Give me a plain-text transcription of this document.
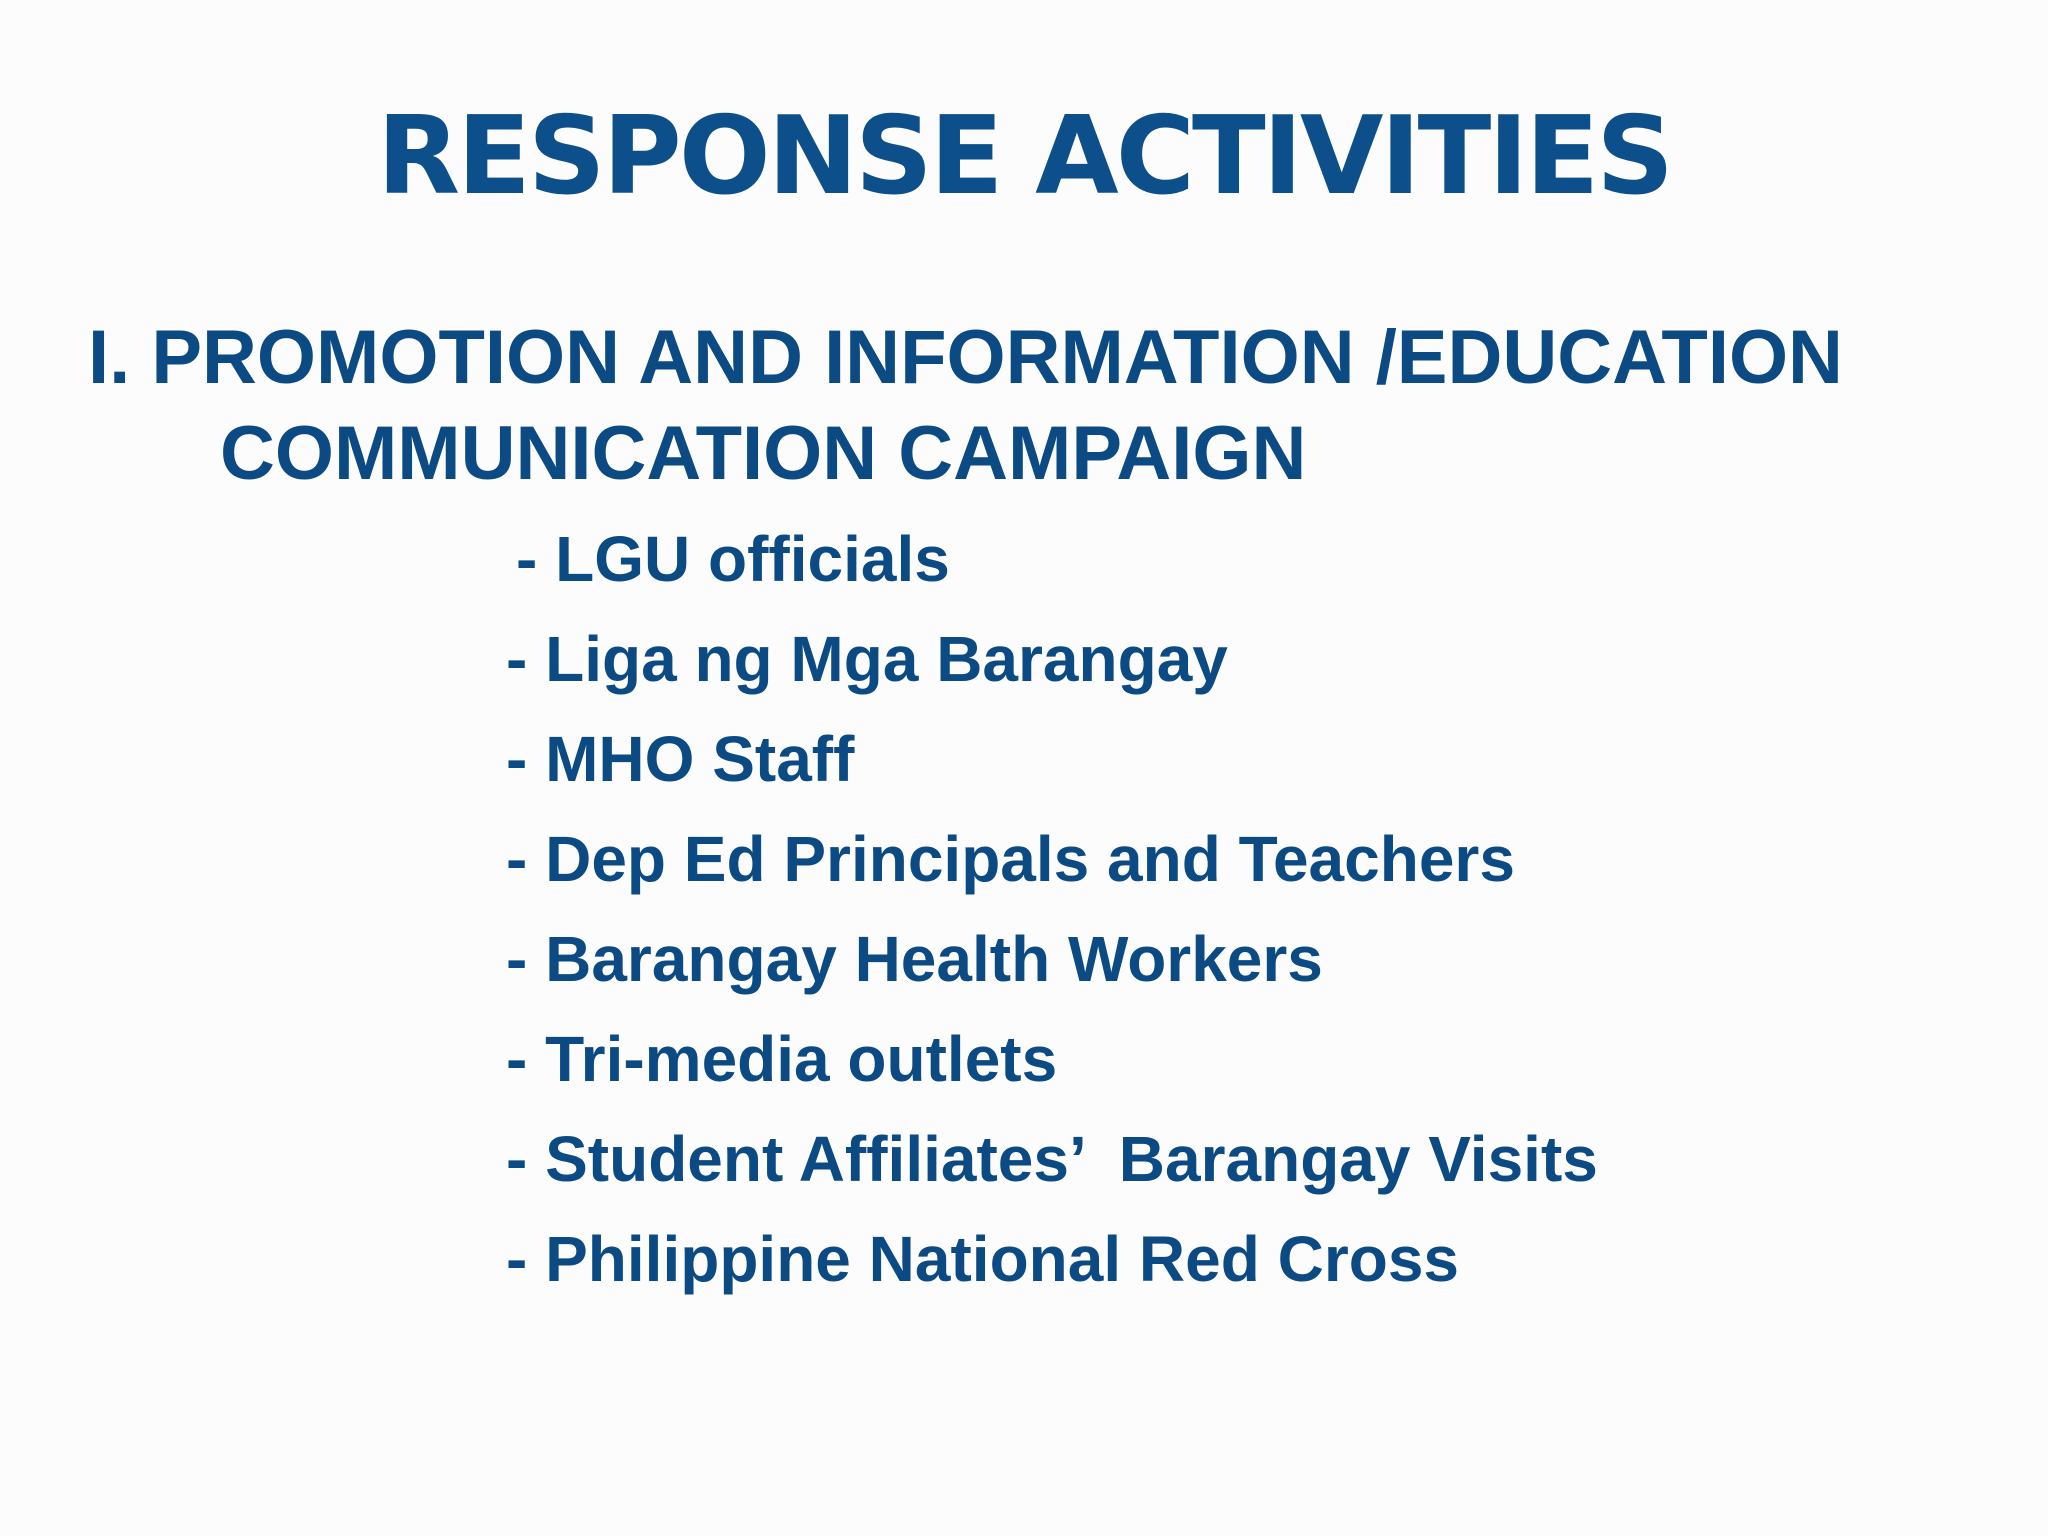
RESPONSE ACTIVITIES
I. PROMOTION AND INFORMATION /EDUCATION
COMMUNICATION CAMPAIGN
- LGU officials
- Liga ng Mga Barangay
- MHO Staff
- Dep Ed Principals and Teachers
- Barangay Health Workers
- Tri-media outlets
- Student Affiliates’  Barangay Visits
- Philippine National Red Cross
